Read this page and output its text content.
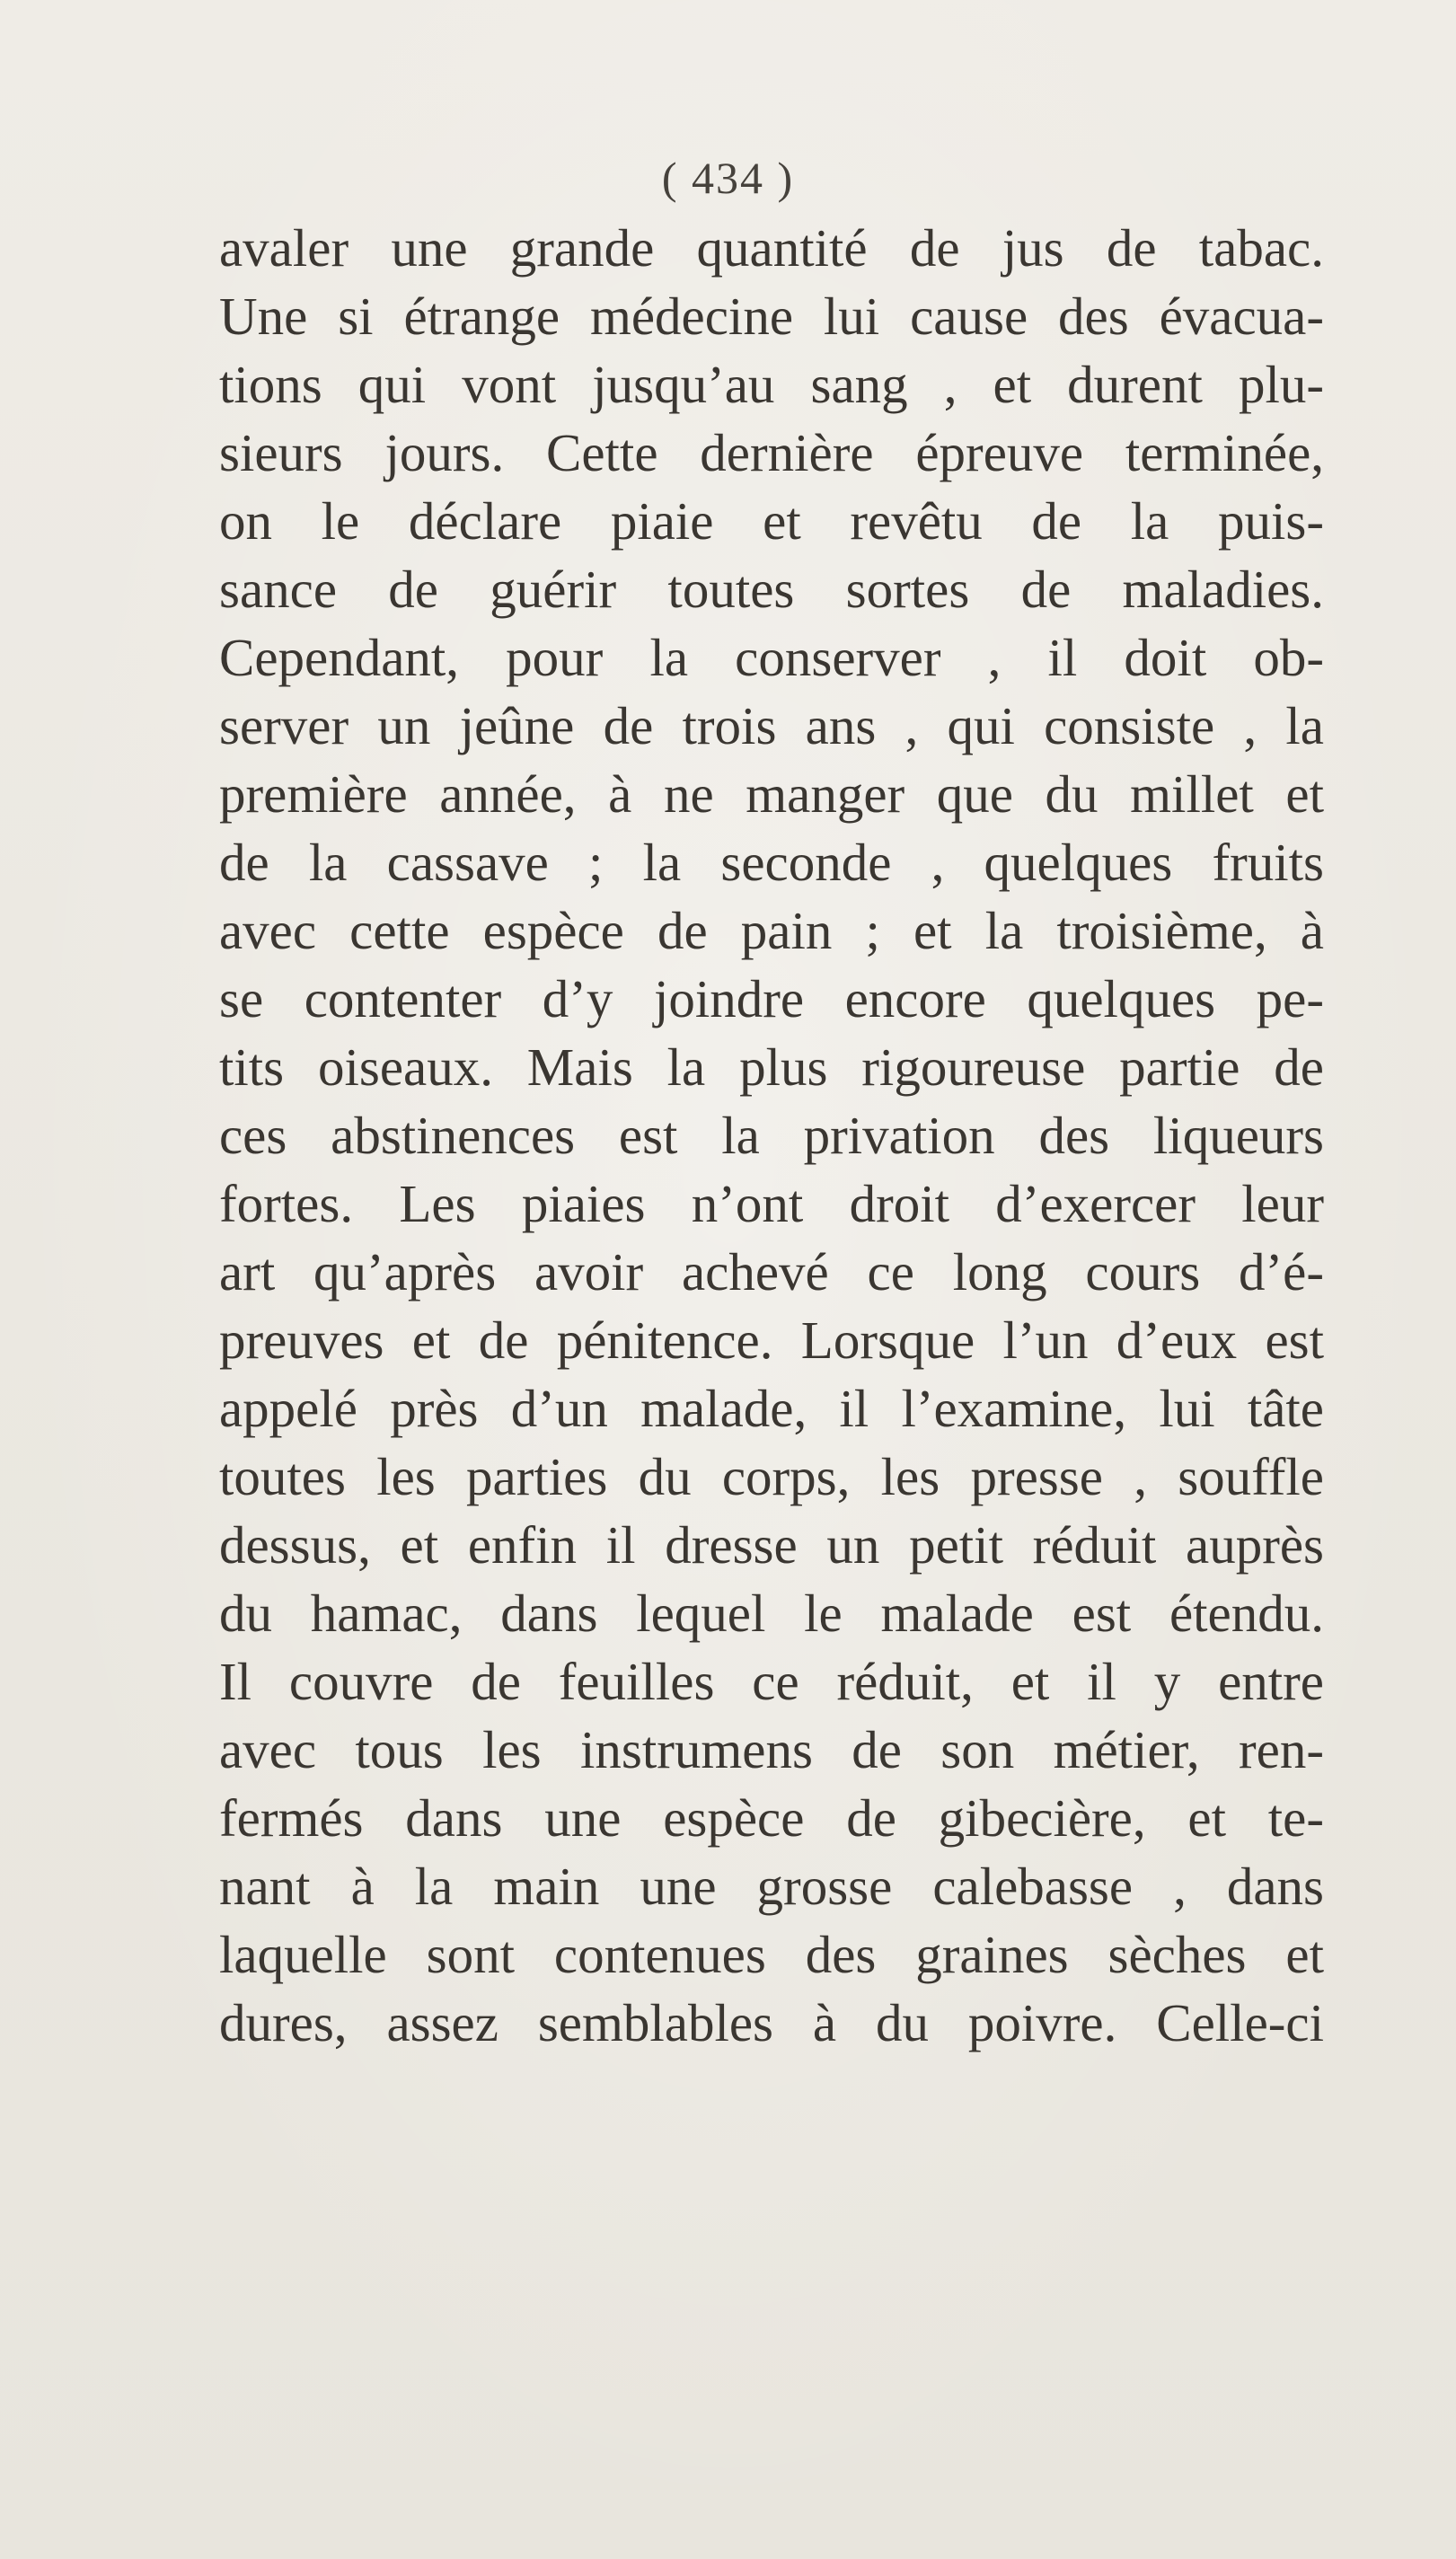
( 434 )
avaler une grande quantité de jus de tabac.
Une si étrange médecine lui cause des évacua-
tions qui vont jusqu’au sang , et durent plu-
sieurs jours. Cette dernière épreuve terminée,
on le déclare piaie et revêtu de la puis-
sance de guérir toutes sortes de maladies.
Cependant, pour la conserver , il doit ob-
server un jeûne de trois ans , qui consiste , la
première année, à ne manger que du millet et
de la cassave ; la seconde , quelques fruits
avec cette espèce de pain ; et la troisième, à
se contenter d’y joindre encore quelques pe-
tits oiseaux. Mais la plus rigoureuse partie de
ces abstinences est la privation des liqueurs
fortes. Les piaies n’ont droit d’exercer leur
art qu’après avoir achevé ce long cours d’é-
preuves et de pénitence. Lorsque l’un d’eux est
appelé près d’un malade, il l’examine, lui tâte
toutes les parties du corps, les presse , souffle
dessus, et enfin il dresse un petit réduit auprès
du hamac, dans lequel le malade est étendu.
Il couvre de feuilles ce réduit, et il y entre
avec tous les instrumens de son métier, ren-
fermés dans une espèce de gibecière, et te-
nant à la main une grosse calebasse , dans
laquelle sont contenues des graines sèches et
dures, assez semblables à du poivre. Celle-ci
